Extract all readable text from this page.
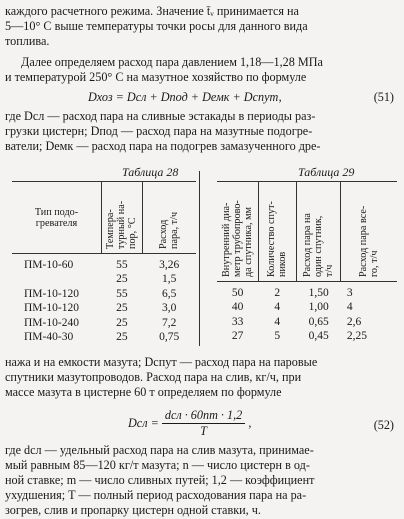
каждого расчетного режима. Значение t̄ᵥ принимается на
5—10° С выше температуры точки росы для данного вида
топлива.
Далее определяем расход пара давлением 1,18—1,28 МПа
и температурой 250° С на мазутное хозяйство по формуле
Dхоз = Dсл + Dпод + Dемк + Dспут,	(51)
где Dсл — расход пара на сливные эстакады в периоды раз-
грузки цистерн; Dпод — расход пара на мазутные подогре-
ватели; Dемк — расход пара на подогрев замазученного дре-
Таблица 28
Тип подо-
гревателя	Темпера-
турный на-
пор, °С	Расход
пара, т/ч
ПМ-10-60	55	3,26
	25	1,5
ПМ-10-120	55	6,5
ПМ-10-120	25	3,0
ПМ-10-240	25	7,2
ПМ-40-30	25	0,75

Таблица 29
Внутренний диа-
метр трубопрово-
да спутника, мм	Количество спут-
ников	Расход пара на
один спутник,
т/ч	Расход пара все-
го, т/ч
50	2	1,50	3
40	4	1,00	4
33	4	0,65	2,6
27	5	0,45	2,25
нажа и на емкости мазута; Dспут — расход пара на паровые
спутники мазутопроводов. Расход пара на слив, кг/ч, при
массе мазута в цистерне 60 т определяем по формуле
Dсл = $\frac{\text{dсл · 60nm · 1,2}}{T}$ ,	(52)
где dсл — удельный расход пара на слив мазута, принимае-
мый равным 85—120 кг/т мазута; n — число цистерн в од-
ной ставке; m — число сливных путей; 1,2 — коэффициент
ухудшения; T — полный период расходования пара на ра-
зогрев, слив и пропарку цистерн одной ставки, ч.
